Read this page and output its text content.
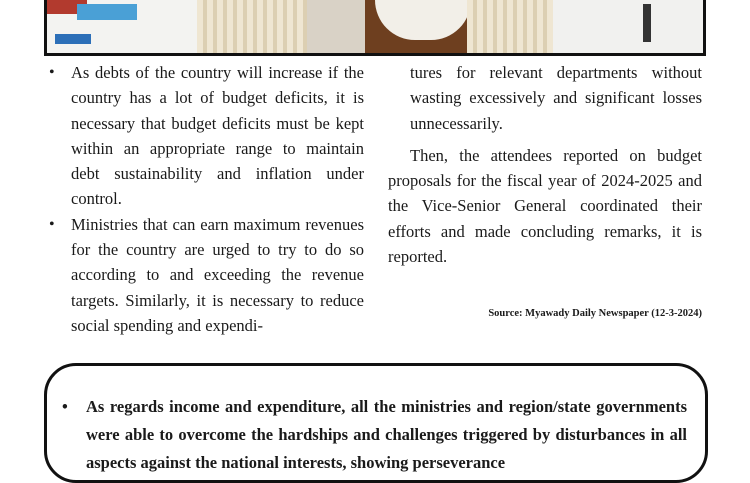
• As debts of the country will increase if the country has a lot of budget deficits, it is necessary that budget deficits must be kept within an appropriate range to maintain debt sustainability and inflation under control.

• Ministries that can earn maximum revenues for the country are urged to try to do so according to and exceeding the revenue targets. Similarly, it is necessary to reduce social spending and expendi-

tures for relevant departments without wasting excessively and significant losses unnecessarily.

Then, the attendees reported on budget proposals for the fiscal year of 2024-2025 and the Vice-Senior General coordinated their efforts and made concluding remarks, it is reported.

Source: Myawady Daily Newspaper (12-3-2024)

• As regards income and expenditure, all the ministries and region/state governments were able to overcome the hardships and challenges triggered by disturbances in all aspects against the national interests, showing perseverance
